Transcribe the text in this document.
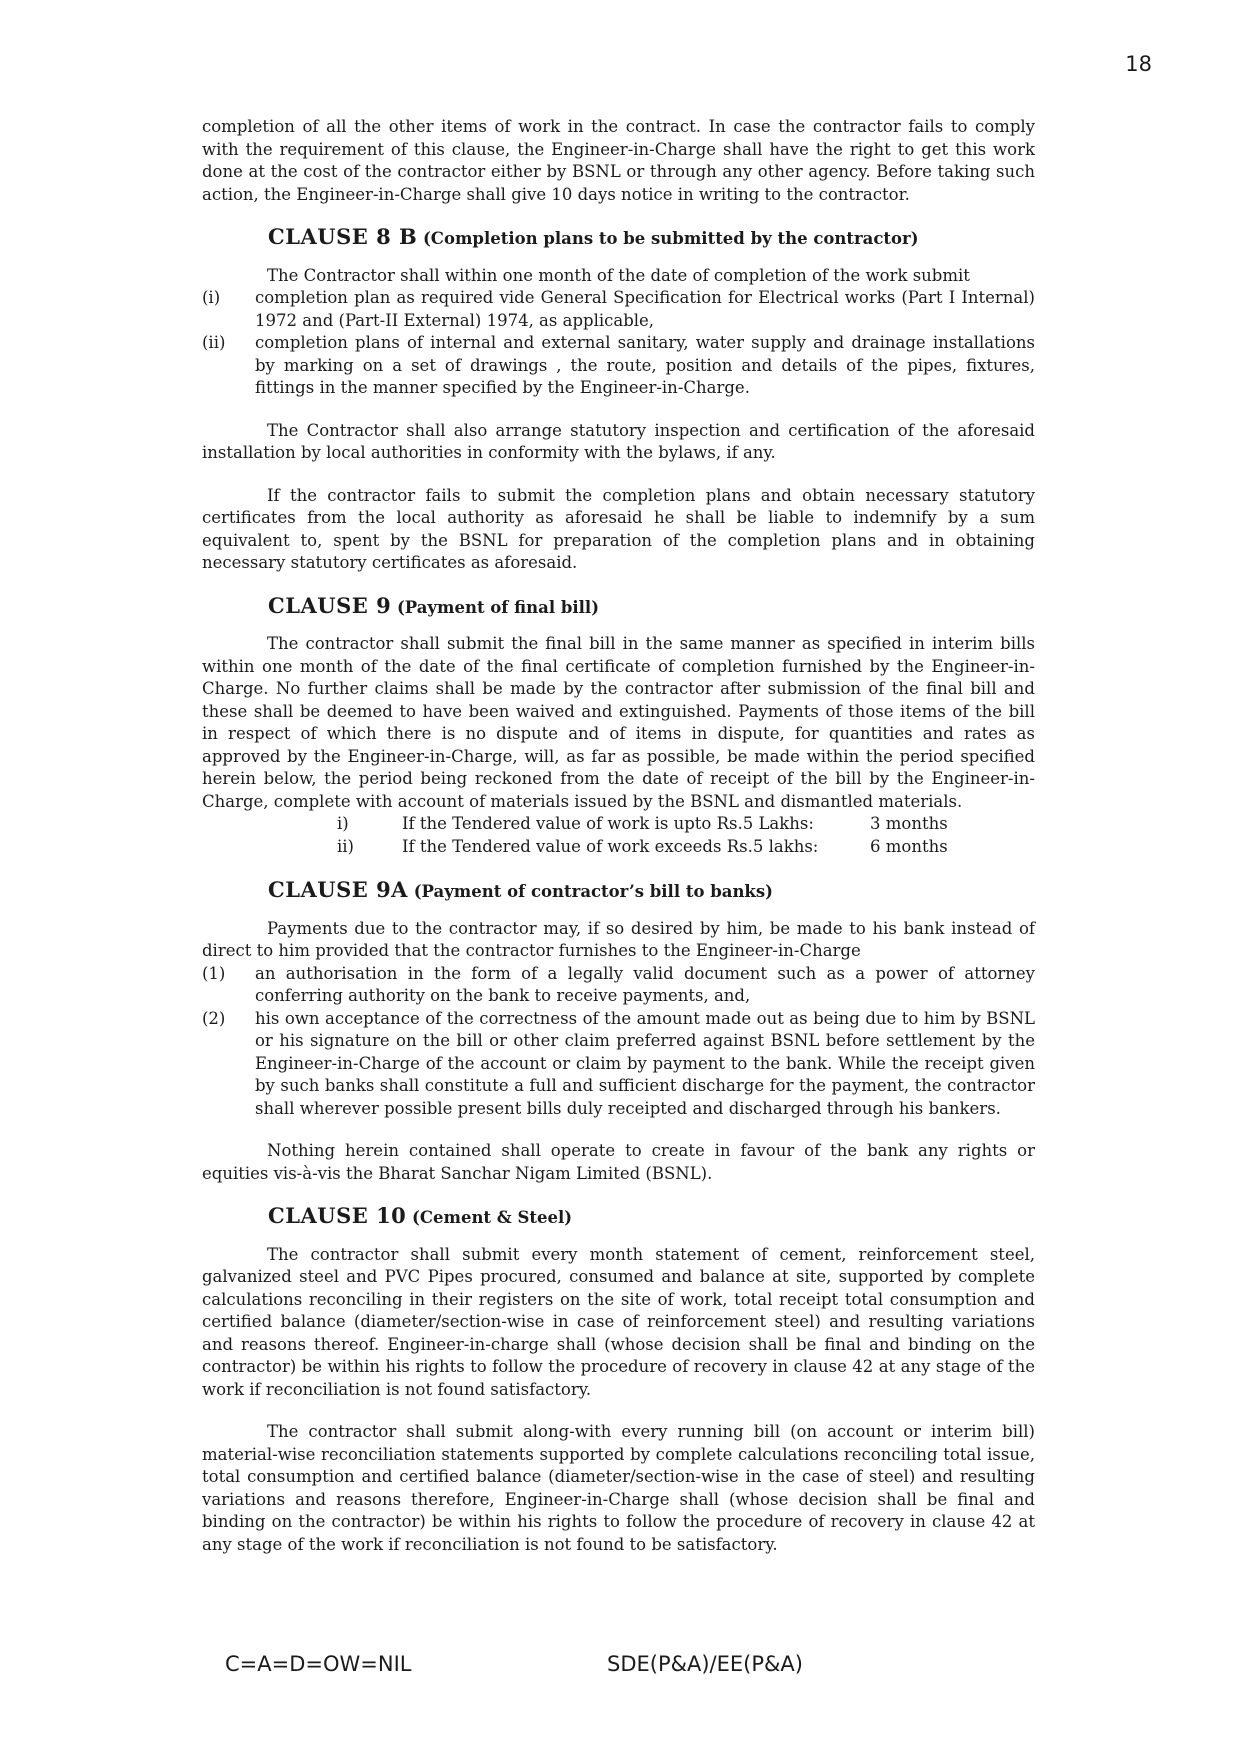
18

completion of all the other items of work in the contract. In case the contractor fails to comply with the requirement of this clause, the Engineer-in-Charge shall have the right to get this work done at the cost of the contractor either by BSNL or through any other agency. Before taking such action, the Engineer-in-Charge shall give 10 days notice in writing to the contractor.

CLAUSE 8 B (Completion plans to be submitted by the contractor)

The Contractor shall within one month of the date of completion of the work submit

(i)	completion plan as required vide General Specification for Electrical works (Part I Internal) 1972 and (Part-II External) 1974, as applicable,
(ii)	completion plans of internal and external sanitary, water supply and drainage installations by marking on a set of drawings , the route, position and details of the pipes, fixtures, fittings in the manner specified by the Engineer-in-Charge.

The Contractor shall also arrange statutory inspection and certification of the aforesaid installation by local authorities in conformity with the bylaws, if any.

If the contractor fails to submit the completion plans and obtain necessary statutory certificates from the local authority as aforesaid he shall be liable to indemnify by a sum equivalent to, spent by the BSNL for preparation of the completion plans and in obtaining necessary statutory certificates as aforesaid.

CLAUSE 9 (Payment of final bill)

The contractor shall submit the final bill in the same manner as specified in interim bills within one month of the date of the final certificate of completion furnished by the Engineer-in-Charge. No further claims shall be made by the contractor after submission of the final bill and these shall be deemed to have been waived and extinguished. Payments of those items of the bill in respect of which there is no dispute and of items in dispute, for quantities and rates as approved by the Engineer-in-Charge, will, as far as possible, be made within the period specified herein below, the period being reckoned from the date of receipt of the bill by the Engineer-in-Charge, complete with account of materials issued by the BSNL and dismantled materials.

i)	If the Tendered value of work is upto Rs.5 Lakhs:	3 months
ii)	If the Tendered value of work exceeds Rs.5 lakhs:	6 months
CLAUSE 9A (Payment of contractor’s bill to banks)

Payments due to the contractor may, if so desired by him, be made to his bank instead of direct to him provided that the contractor furnishes to the Engineer-in-Charge

(1)	an authorisation in the form of a legally valid document such as a power of attorney conferring authority on the bank to receive payments, and,
(2)	his own acceptance of the correctness of the amount made out as being due to him by BSNL or his signature on the bill or other claim preferred against BSNL before settlement by the Engineer-in-Charge of the account or claim by payment to the bank. While the receipt given by such banks shall constitute a full and sufficient discharge for the payment, the contractor shall wherever possible present bills duly receipted and discharged through his bankers.

Nothing herein contained shall operate to create in favour of the bank any rights or equities vis-à-vis the Bharat Sanchar Nigam Limited (BSNL).

CLAUSE 10 (Cement & Steel)

The contractor shall submit every month statement of cement, reinforcement steel, galvanized steel and PVC Pipes procured, consumed and balance at site, supported by complete calculations reconciling in their registers on the site of work, total receipt total consumption and certified balance (diameter/section-wise in case of reinforcement steel) and resulting variations and reasons thereof. Engineer-in-charge shall (whose decision shall be final and binding on the contractor) be within his rights to follow the procedure of recovery in clause 42 at any stage of the work if reconciliation is not found satisfactory.

The contractor shall submit along-with every running bill (on account or interim bill) material-wise reconciliation statements supported by complete calculations reconciling total issue, total consumption and certified balance (diameter/section-wise in the case of steel) and resulting variations and reasons therefore, Engineer-in-Charge shall (whose decision shall be final and binding on the contractor) be within his rights to follow the procedure of recovery in clause 42 at any stage of the work if reconciliation is not found to be satisfactory.

C=A=D=OW=NIL	SDE(P&A)/EE(P&A)
